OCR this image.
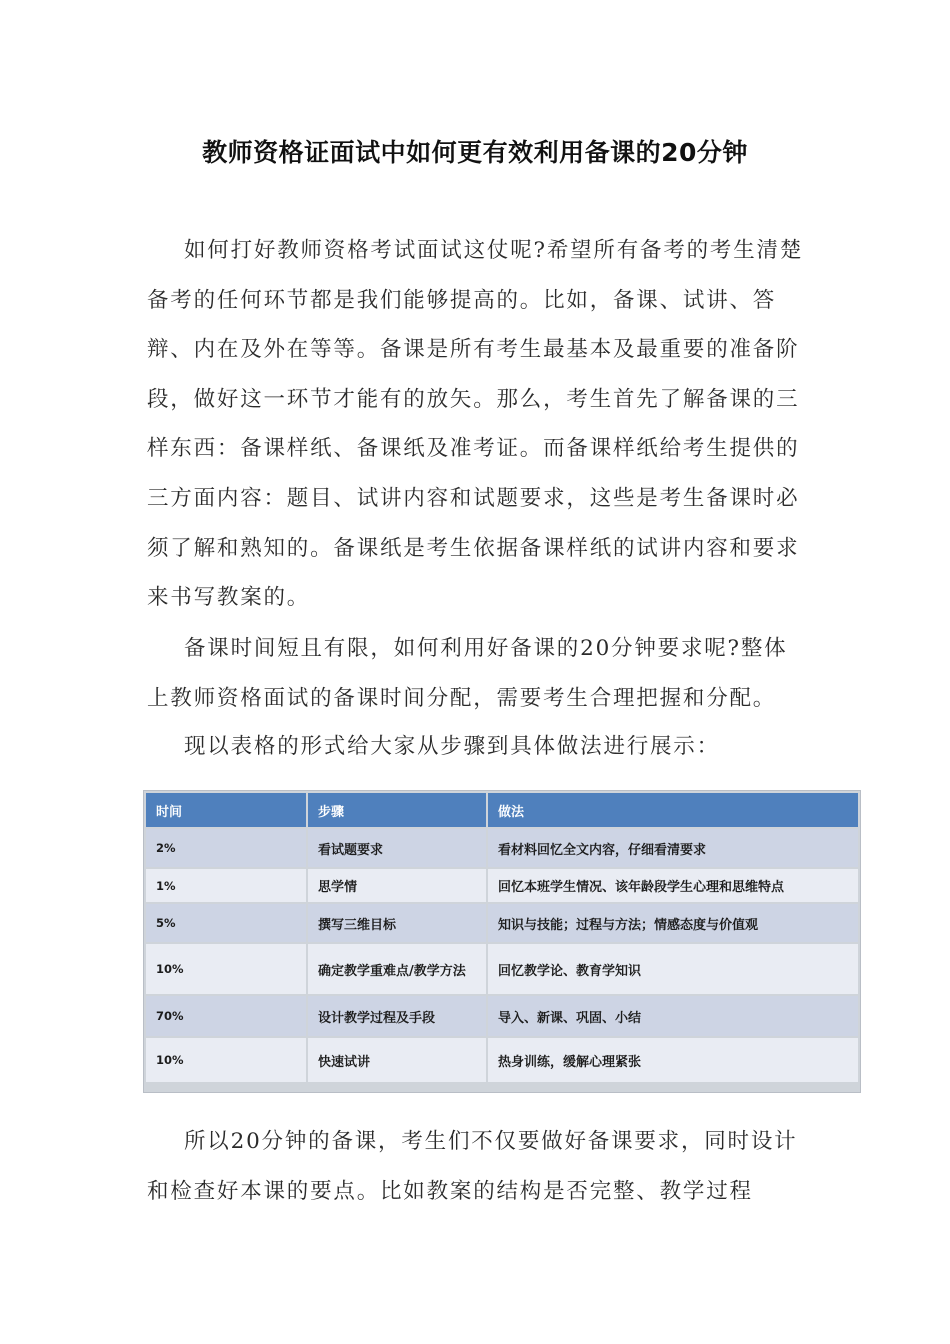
教师资格证面试中如何更有效利用备课的20分钟

如何打好教师资格考试面试这仗呢?希望所有备考的考生清楚备考的任何环节都是我们能够提高的。比如，备课、试讲、答辩、内在及外在等等。备课是所有考生最基本及最重要的准备阶段，做好这一环节才能有的放矢。那么，考生首先了解备课的三样东西：备课样纸、备课纸及准考证。而备课样纸给考生提供的三方面内容：题目、试讲内容和试题要求，这些是考生备课时必须了解和熟知的。备课纸是考生依据备课样纸的试讲内容和要求来书写教案的。

备课时间短且有限，如何利用好备课的20分钟要求呢?整体上教师资格面试的备课时间分配，需要考生合理把握和分配。

现以表格的形式给大家从步骤到具体做法进行展示：

时间	步骤	做法
2%	看试题要求	看材料回忆全文内容，仔细看清要求
1%	思学情	回忆本班学生情况、该年龄段学生心理和思维特点
5%	撰写三维目标	知识与技能；过程与方法；情感态度与价值观
10%	确定教学重难点/教学方法	回忆教学论、教育学知识
70%	设计教学过程及手段	导入、新课、巩固、小结
10%	快速试讲	热身训练，缓解心理紧张

所以20分钟的备课，考生们不仅要做好备课要求，同时设计和检查好本课的要点。比如教案的结构是否完整、教学过程
